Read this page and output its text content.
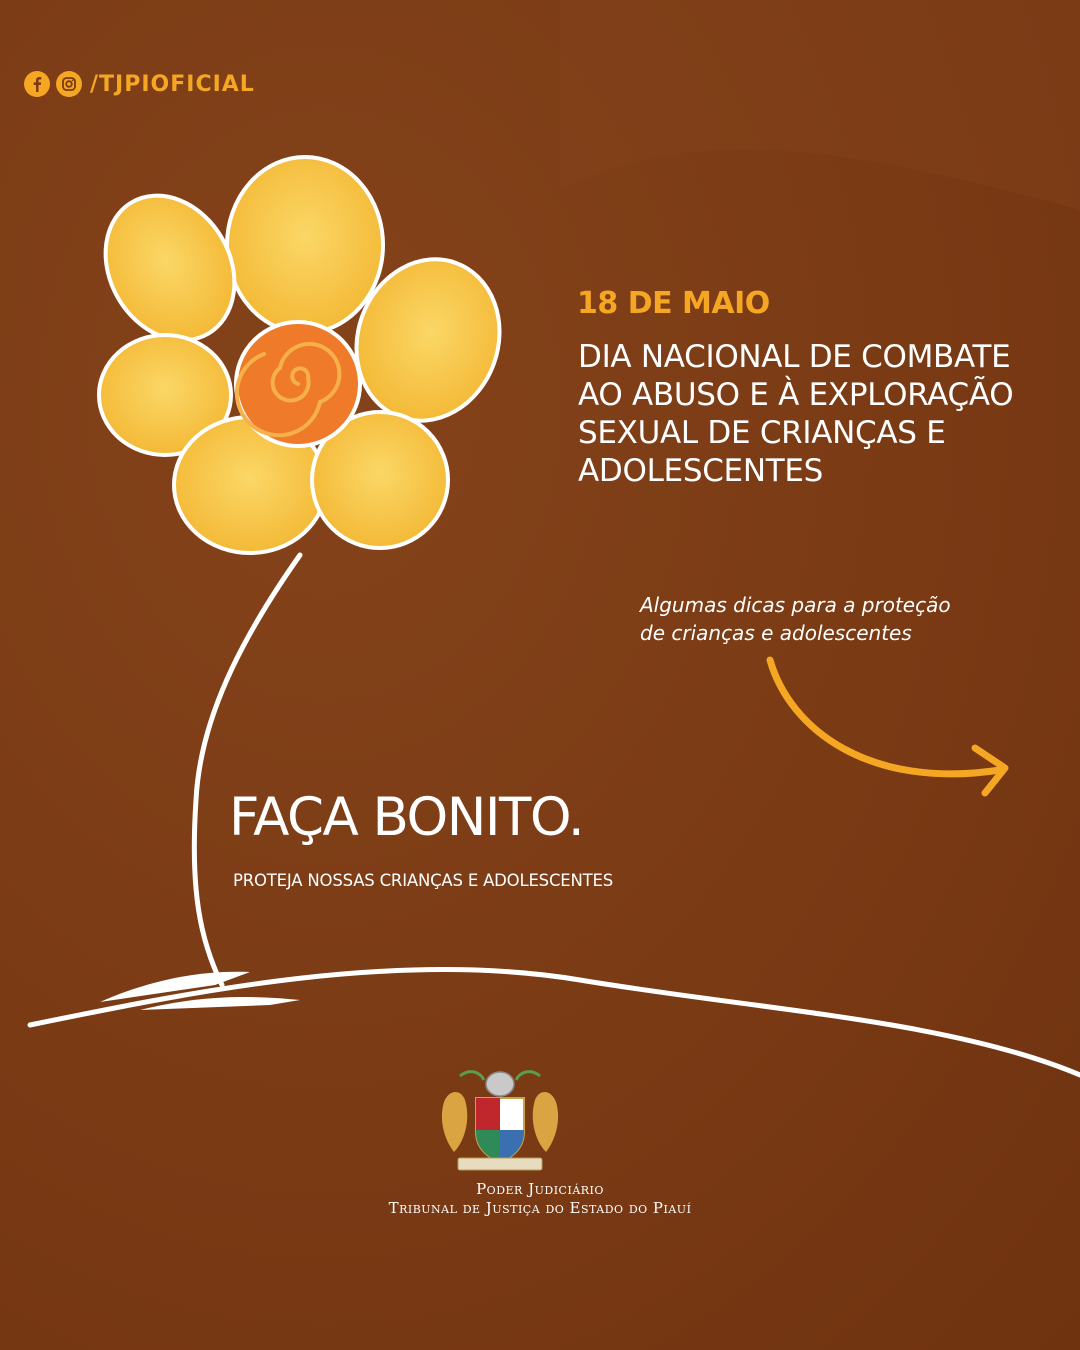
/TJPIOFICIAL
18 DE MAIO
DIA NACIONAL DE COMBATE
AO ABUSO E À EXPLORAÇÃO
SEXUAL DE CRIANÇAS E
ADOLESCENTES
Algumas dicas para a proteção
de crianças e adolescentes
FAÇA BONITO.
PROTEJA NOSSAS CRIANÇAS E ADOLESCENTES
Poder Judiciário
Tribunal de Justiça do Estado do Piauí
